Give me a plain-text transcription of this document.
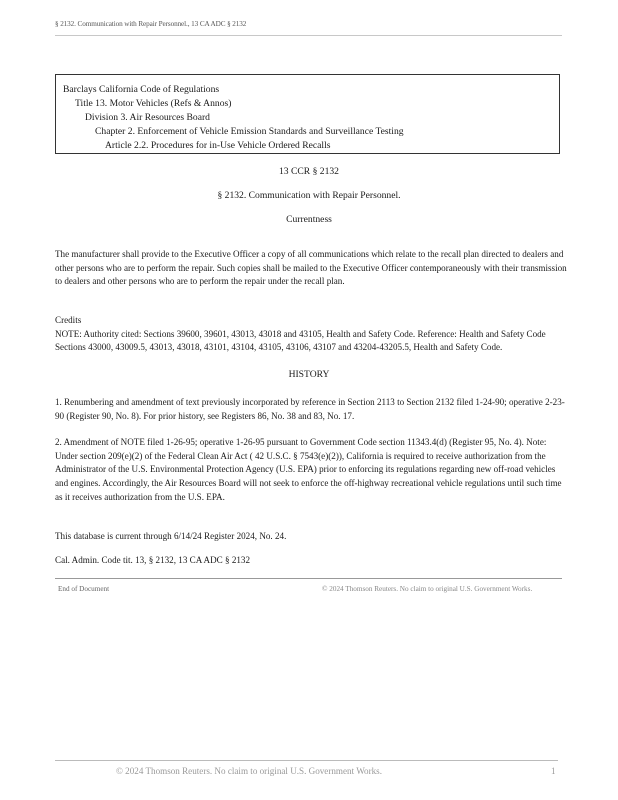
§ 2132. Communication with Repair Personnel., 13 CA ADC § 2132
Barclays California Code of Regulations
Title 13. Motor Vehicles (Refs & Annos)
Division 3. Air Resources Board
Chapter 2. Enforcement of Vehicle Emission Standards and Surveillance Testing
Article 2.2. Procedures for in-Use Vehicle Ordered Recalls
13 CCR § 2132
§ 2132. Communication with Repair Personnel.
Currentness

The manufacturer shall provide to the Executive Officer a copy of all communications which relate to the recall plan directed to dealers and other persons who are to perform the repair. Such copies shall be mailed to the Executive Officer contemporaneously with their transmission to dealers and other persons who are to perform the repair under the recall plan.

Credits

NOTE: Authority cited: Sections 39600, 39601, 43013, 43018 and 43105, Health and Safety Code. Reference: Health and Safety Code Sections 43000, 43009.5, 43013, 43018, 43101, 43104, 43105, 43106, 43107 and 43204-43205.5, Health and Safety Code.

HISTORY

1. Renumbering and amendment of text previously incorporated by reference in Section 2113 to Section 2132 filed 1-24-90; operative 2-23-90 (Register 90, No. 8). For prior history, see Registers 86, No. 38 and 83, No. 17.

2. Amendment of NOTE filed 1-26-95; operative 1-26-95 pursuant to Government Code section 11343.4(d) (Register 95, No. 4). Note: Under section 209(e)(2) of the Federal Clean Air Act ( 42 U.S.C. § 7543(e)(2)), California is required to receive authorization from the Administrator of the U.S. Environmental Protection Agency (U.S. EPA) prior to enforcing its regulations regarding new off-road vehicles and engines. Accordingly, the Air Resources Board will not seek to enforce the off-highway recreational vehicle regulations until such time as it receives authorization from the U.S. EPA.

This database is current through 6/14/24 Register 2024, No. 24.
Cal. Admin. Code tit. 13, § 2132, 13 CA ADC § 2132
End of Document	© 2024 Thomson Reuters. No claim to original U.S. Government Works.
© 2024 Thomson Reuters. No claim to original U.S. Government Works.	1
